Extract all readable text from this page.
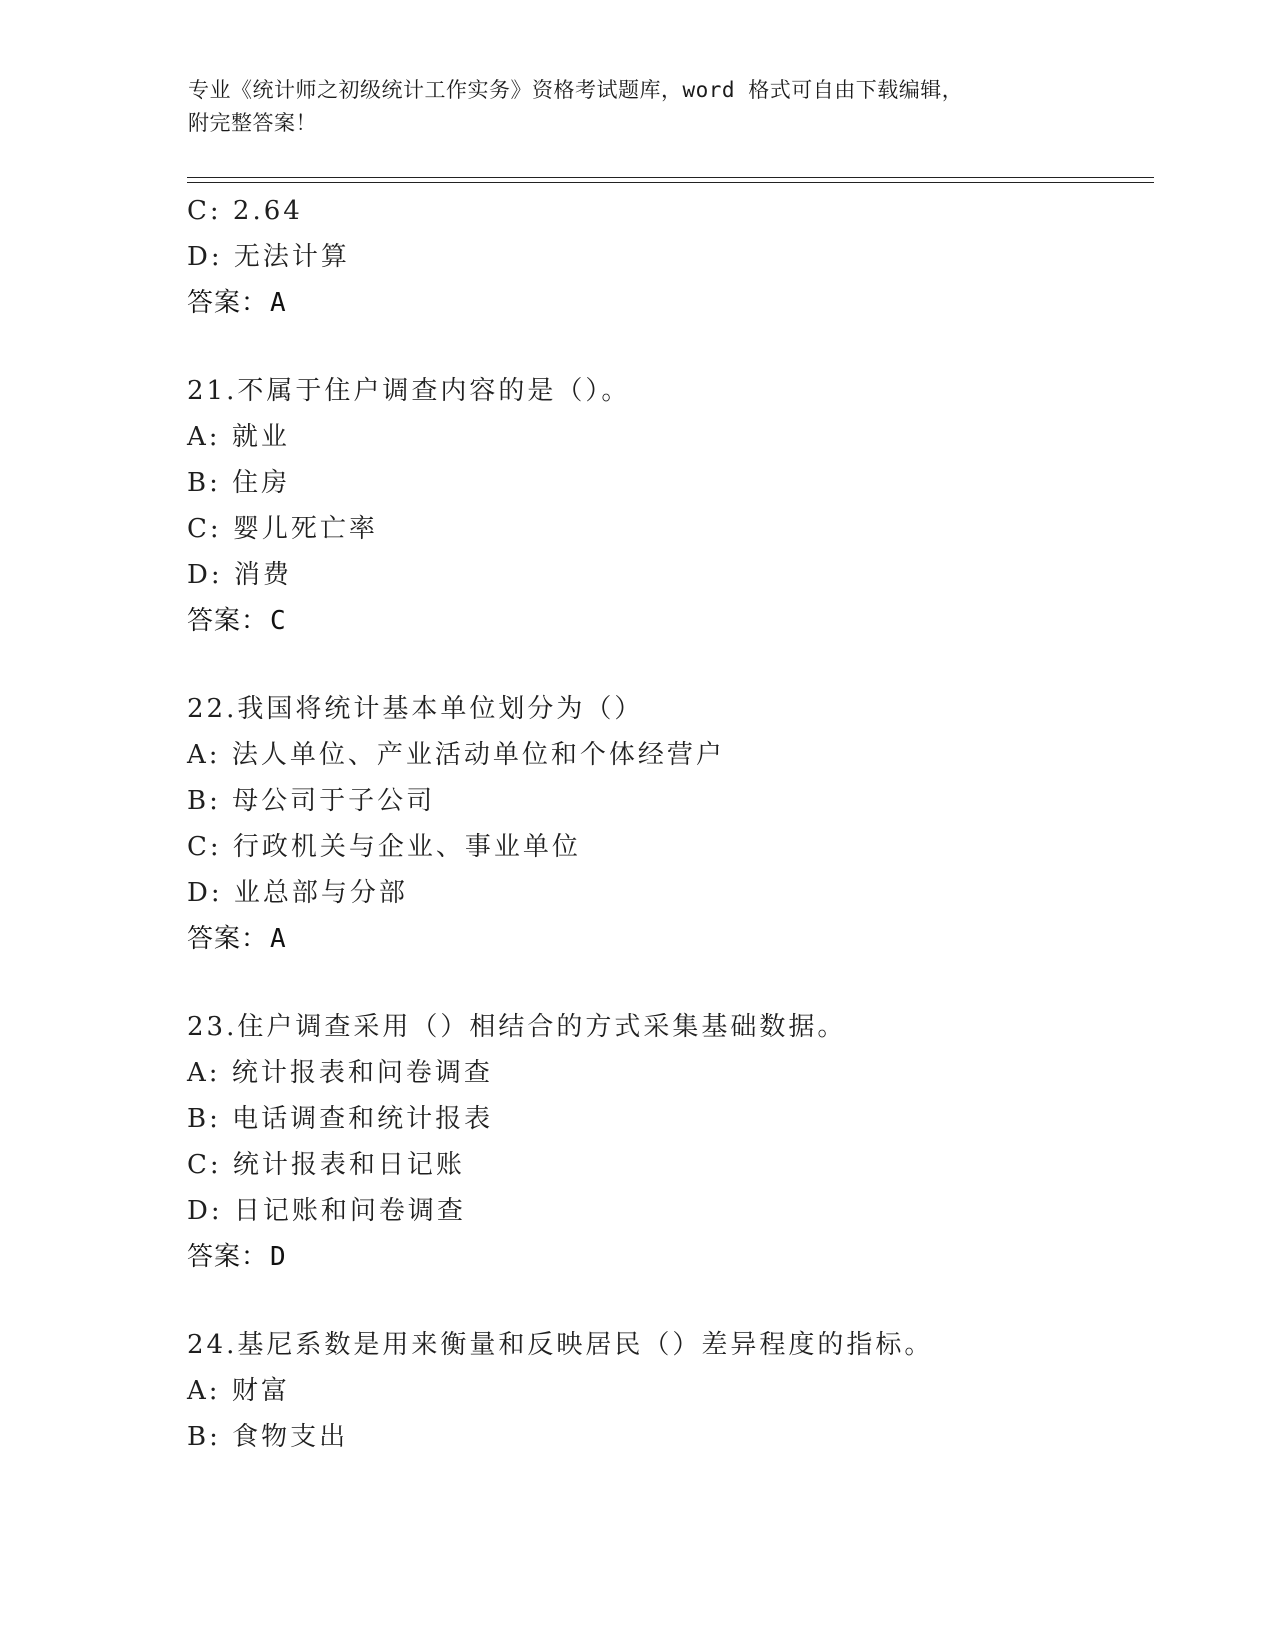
专业《统计师之初级统计工作实务》资格考试题库，word 格式可自由下载编辑，
附完整答案！
C: 2.64
D: 无法计算
答案：A
21.不属于住户调查内容的是（）。
A: 就业
B: 住房
C: 婴儿死亡率
D: 消费
答案：C
22.我国将统计基本单位划分为（）
A: 法人单位、产业活动单位和个体经营户
B: 母公司于子公司
C: 行政机关与企业、事业单位
D: 业总部与分部
答案：A
23.住户调查采用（）相结合的方式采集基础数据。
A: 统计报表和问卷调查
B: 电话调查和统计报表
C: 统计报表和日记账
D: 日记账和问卷调查
答案：D
24.基尼系数是用来衡量和反映居民（）差异程度的指标。
A: 财富
B: 食物支出
